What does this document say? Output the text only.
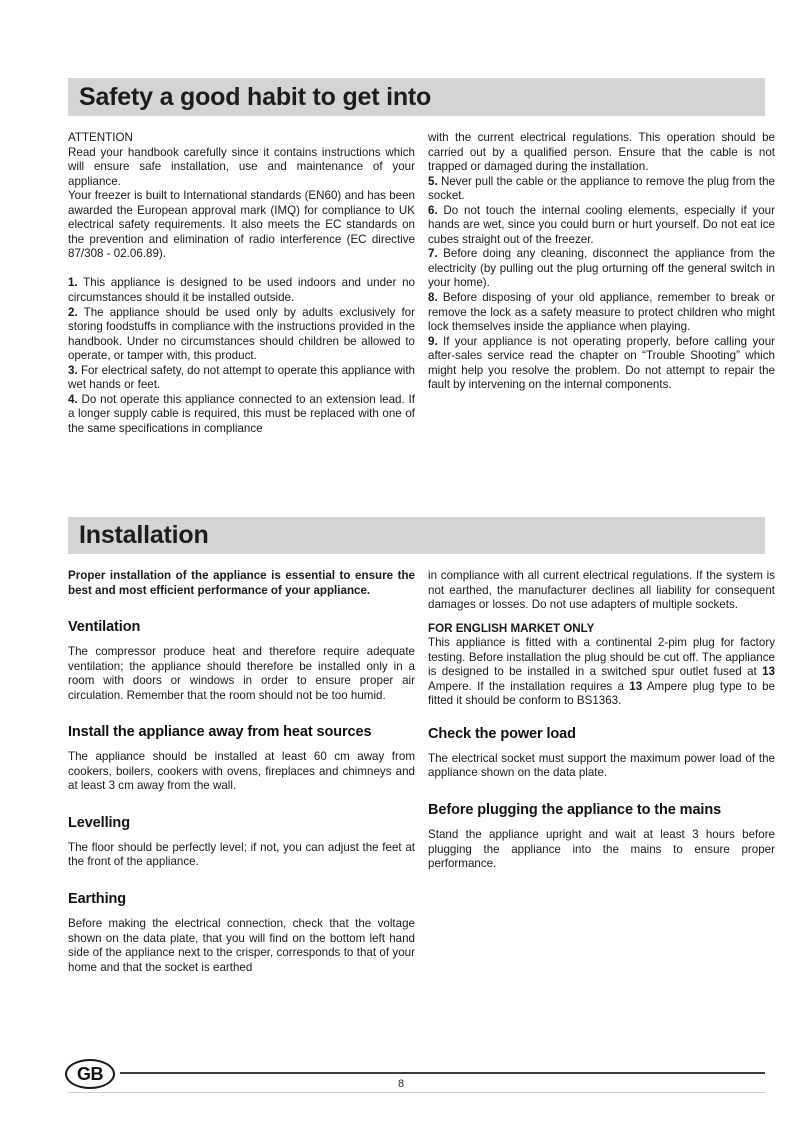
Safety a good habit to get into

ATTENTION

Read your handbook carefully since it contains instructions which will ensure safe installation, use and maintenance of your appliance.

Your freezer is built to International standards (EN60) and has been awarded the European approval mark (IMQ) for compliance to UK electrical safety requirements. It also meets the EC standards on the prevention and elimination of radio interference (EC directive 87/308 - 02.06.89).

1. This appliance is designed to be used indoors and under no circumstances should it be installed outside.

2. The appliance should be used only by adults exclusively for storing foodstuffs in compliance with the instructions provided in the handbook. Under no circumstances should children be allowed to operate, or tamper with, this product.

3. For electrical safety, do not attempt to operate this appliance with wet hands or feet.

4. Do not operate this appliance connected to an extension lead. If a longer supply cable is required, this must be replaced with one of the same specifications in compliance

with the current electrical regulations. This operation should be carried out by a qualified person. Ensure that the cable is not trapped or damaged during the installation.

5. Never pull the cable or the appliance to remove the plug from the socket.

6. Do not touch the internal cooling elements, especially if your hands are wet, since you could burn or hurt yourself. Do not eat ice cubes straight out of the freezer.

7. Before doing any cleaning, disconnect the appliance from the electricity (by pulling out the plug orturning off the general switch in your home).

8. Before disposing of your old appliance, remember to break or remove the lock as a safety measure to protect children who might lock themselves inside the appliance when playing.

9. If your appliance is not operating properly, before calling your after-sales service read the chapter on “Trouble Shooting” which might help you resolve the problem. Do not attempt to repair the fault by intervening on the internal components.

Installation

Proper installation of the appliance is essential to ensure the best and most efficient performance of your appliance.

Ventilation

The compressor produce heat and therefore require adequate ventilation; the appliance should therefore be installed only in a room with doors or windows in order to ensure proper air circulation. Remember that the room should not be too humid.

Install the appliance away from heat sources

The appliance should be installed at least 60 cm away from cookers, boilers, cookers with ovens, fireplaces and chimneys and at least 3 cm away from the wall.

Levelling

The floor should be perfectly level; if not, you can adjust the feet at the front of the appliance.

Earthing

Before making the electrical connection, check that the voltage shown on the data plate, that you will find on the bottom left hand side of the appliance next to the crisper, corresponds to that of your home and that the socket is earthed

in compliance with all current electrical regulations. If the system is not earthed, the manufacturer declines all liability for consequent damages or losses. Do not use adapters of multiple sockets.

FOR ENGLISH MARKET ONLY

This appliance is fitted with a continental 2-pim plug for factory testing. Before installation the plug should be cut off. The appliance is designed to be installed in a switched spur outlet fused at 13 Ampere. If the installation requires a 13 Ampere plug type to be fitted it should be conform to BS1363.

Check the power load

The electrical socket must support the maximum power load of the appliance shown on the data plate.

Before plugging the appliance to the mains

Stand the appliance upright and wait at least 3 hours before plugging the appliance into the mains to ensure proper performance.

GB
8
